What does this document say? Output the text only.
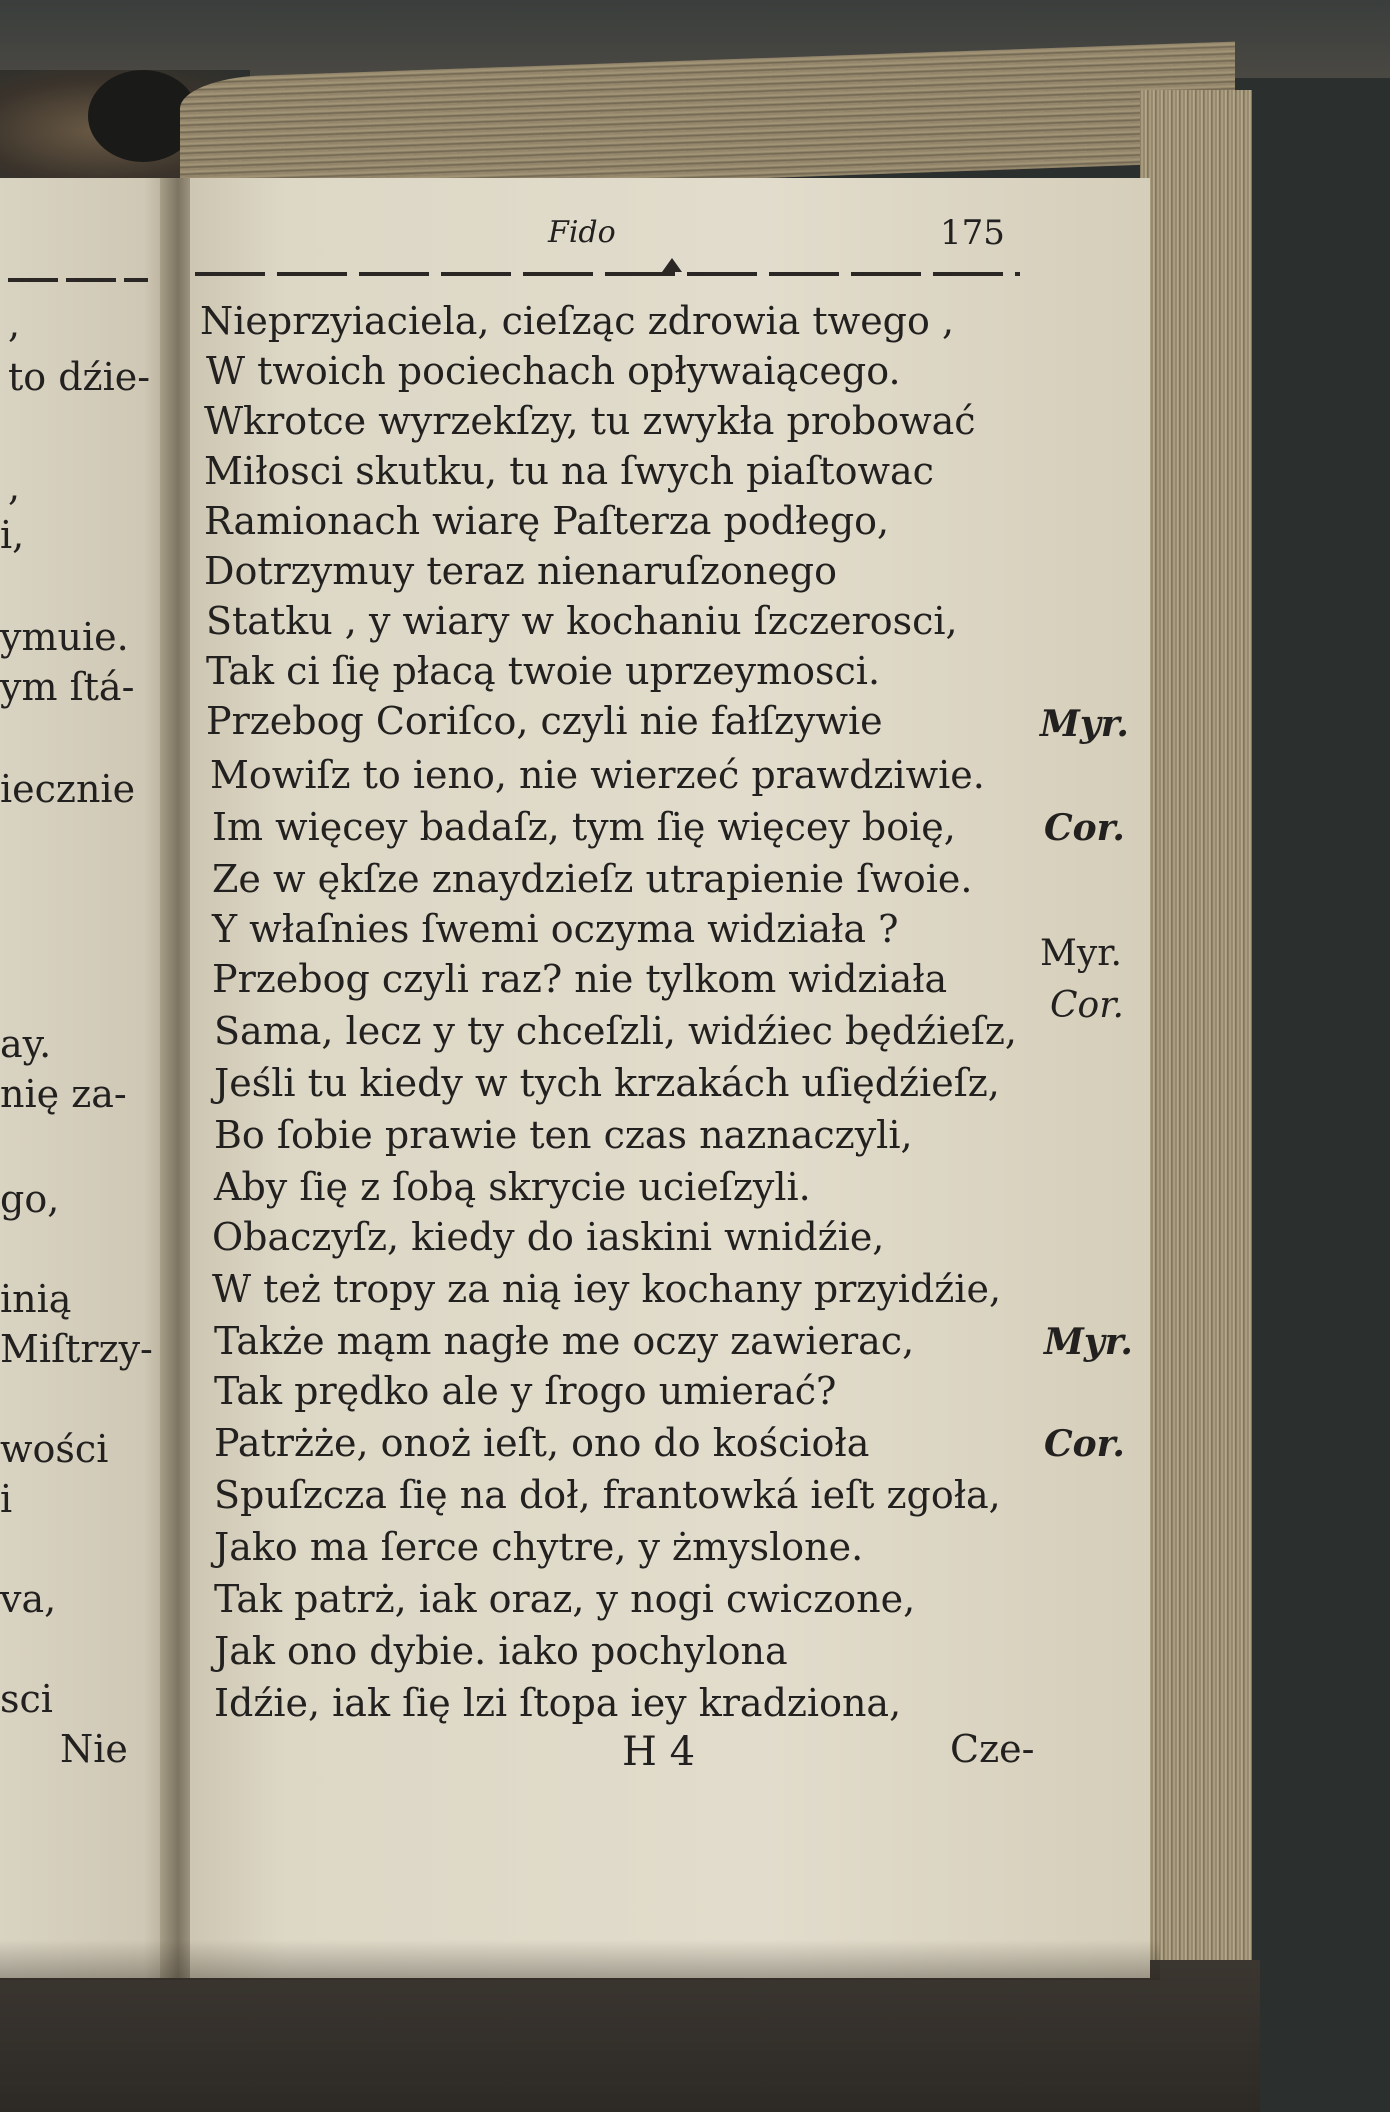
,
to dźie-
,
i,
ymuie.
ym ſtá-
iecznie
ay.
nię za-
go,
inią
Miſtrzy-
wości
i
va,
sci
Nie
Fido	175
Nieprzyiaciela, cieſząc zdrowia twego ,
W twoich pociechach opływaiącego.
Wkrotce wyrzekſzy, tu zwykła probować
Miłosci skutku, tu na ſwych piaſtowac
Ramionach wiarę Paſterza podłego,
Dotrzymuy teraz nienaruſzonego
Statku , y wiary w kochaniu ſzczerosci,
Tak ci ſię płacą twoie uprzeymosci.
Przebog Coriſco, czyli nie fałſzywie
Mowiſz to ieno, nie wierzeć prawdziwie.
Im więcey badaſz, tym ſię więcey boię,
Ze w ękſze znaydzieſz utrapienie ſwoie.
Y właſnies ſwemi oczyma widziała ?
Przebog czyli raz? nie tylkom widziała
Sama, lecz y ty chceſzli, widźiec będźieſz,
Jeśli tu kiedy w tych krzakách uſiędźieſz,
Bo ſobie prawie ten czas naznaczyli,
Aby ſię z ſobą skrycie ucieſzyli.
Obaczyſz, kiedy do iaskini wnidźie,
W też tropy za nią iey kochany przyidźie,
Także mąm nagłe me oczy zawierac,
Tak prędko ale y ſrogo umierać?
Patrżże, onoż ieſt, ono do kościoła
Spuſzcza ſię na doł, frantowká ieſt zgoła,
Jako ma ſerce chytre, y żmyslone.
Tak patrż, iak oraz, y nogi cwiczone,
Jak ono dybie. iako pochylona
Idźie, iak ſię lzi ſtopa iey kradziona,
Myr.
Cor.
Myr.
Cor.
Myr.
Cor.
H 4	Cze-
